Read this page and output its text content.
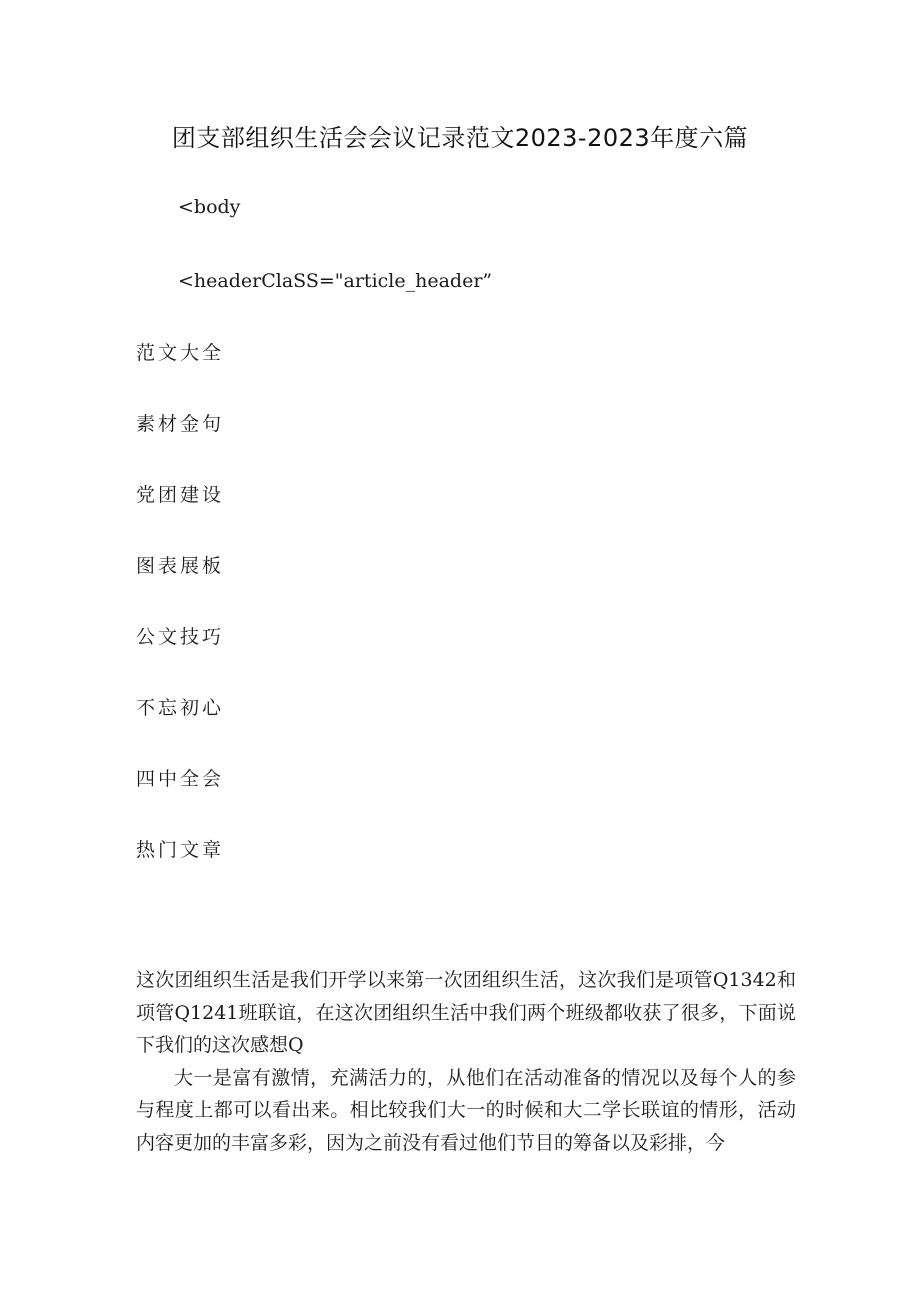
团支部组织生活会会议记录范文2023-2023年度六篇
<body
<headerClaSS="article_header”
范文大全
素材金句
党团建设
图表展板
公文技巧
不忘初心
四中全会
热门文章

这次团组织生活是我们开学以来第一次团组织生活，这次我们是项管Q1342和项管Q1241班联谊，在这次团组织生活中我们两个班级都收获了很多，下面说下我们的这次感想Q

大一是富有激情，充满活力的，从他们在活动准备的情况以及每个人的参与程度上都可以看出来。相比较我们大一的时候和大二学长联谊的情形，活动内容更加的丰富多彩，因为之前没有看过他们节目的筹备以及彩排，今
